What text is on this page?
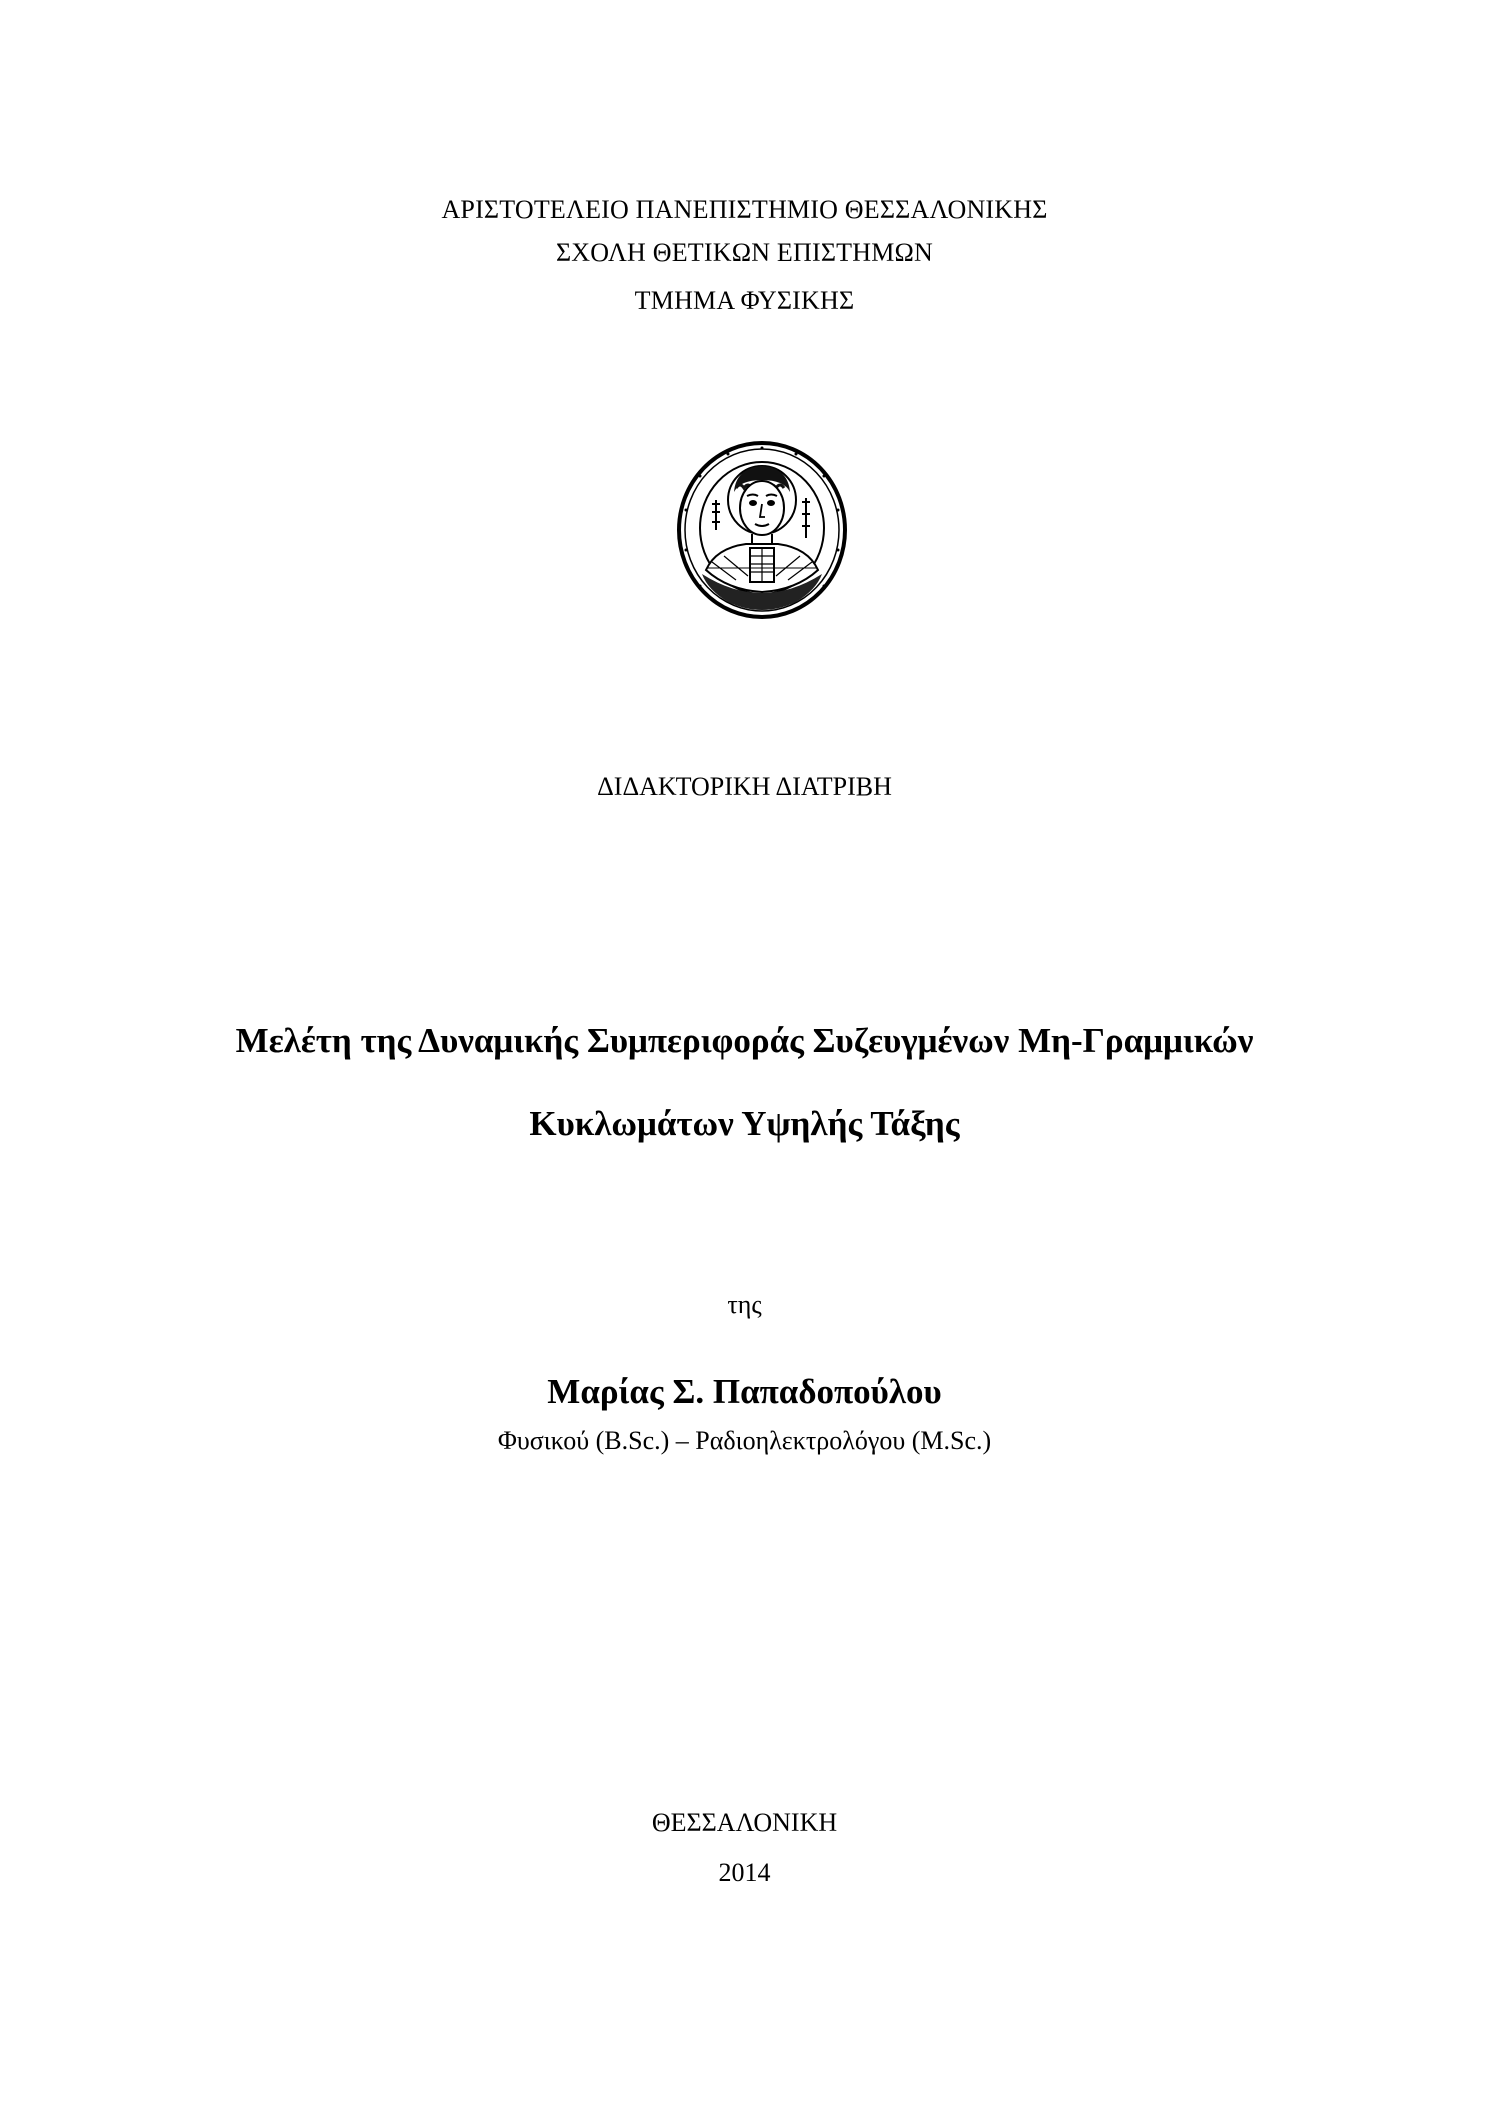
ΑΡΙΣΤΟΤΕΛΕΙΟ ΠΑΝΕΠΙΣΤΗΜΙΟ ΘΕΣΣΑΛΟΝΙΚΗΣ
ΣΧΟΛΗ ΘΕΤΙΚΩΝ ΕΠΙΣΤΗΜΩΝ
ΤΜΗΜΑ ΦΥΣΙΚΗΣ
ΔΙΔΑΚΤΟΡΙΚΗ ΔΙΑΤΡΙΒΗ
Μελέτη της Δυναμικής Συμπεριφοράς Συζευγμένων Μη-Γραμμικών
Κυκλωμάτων Υψηλής Τάξης
της
Μαρίας Σ. Παπαδοπούλου
Φυσικού (B.Sc.) – Ραδιοηλεκτρολόγου (M.Sc.)
ΘΕΣΣΑΛΟΝΙΚΗ
2014
